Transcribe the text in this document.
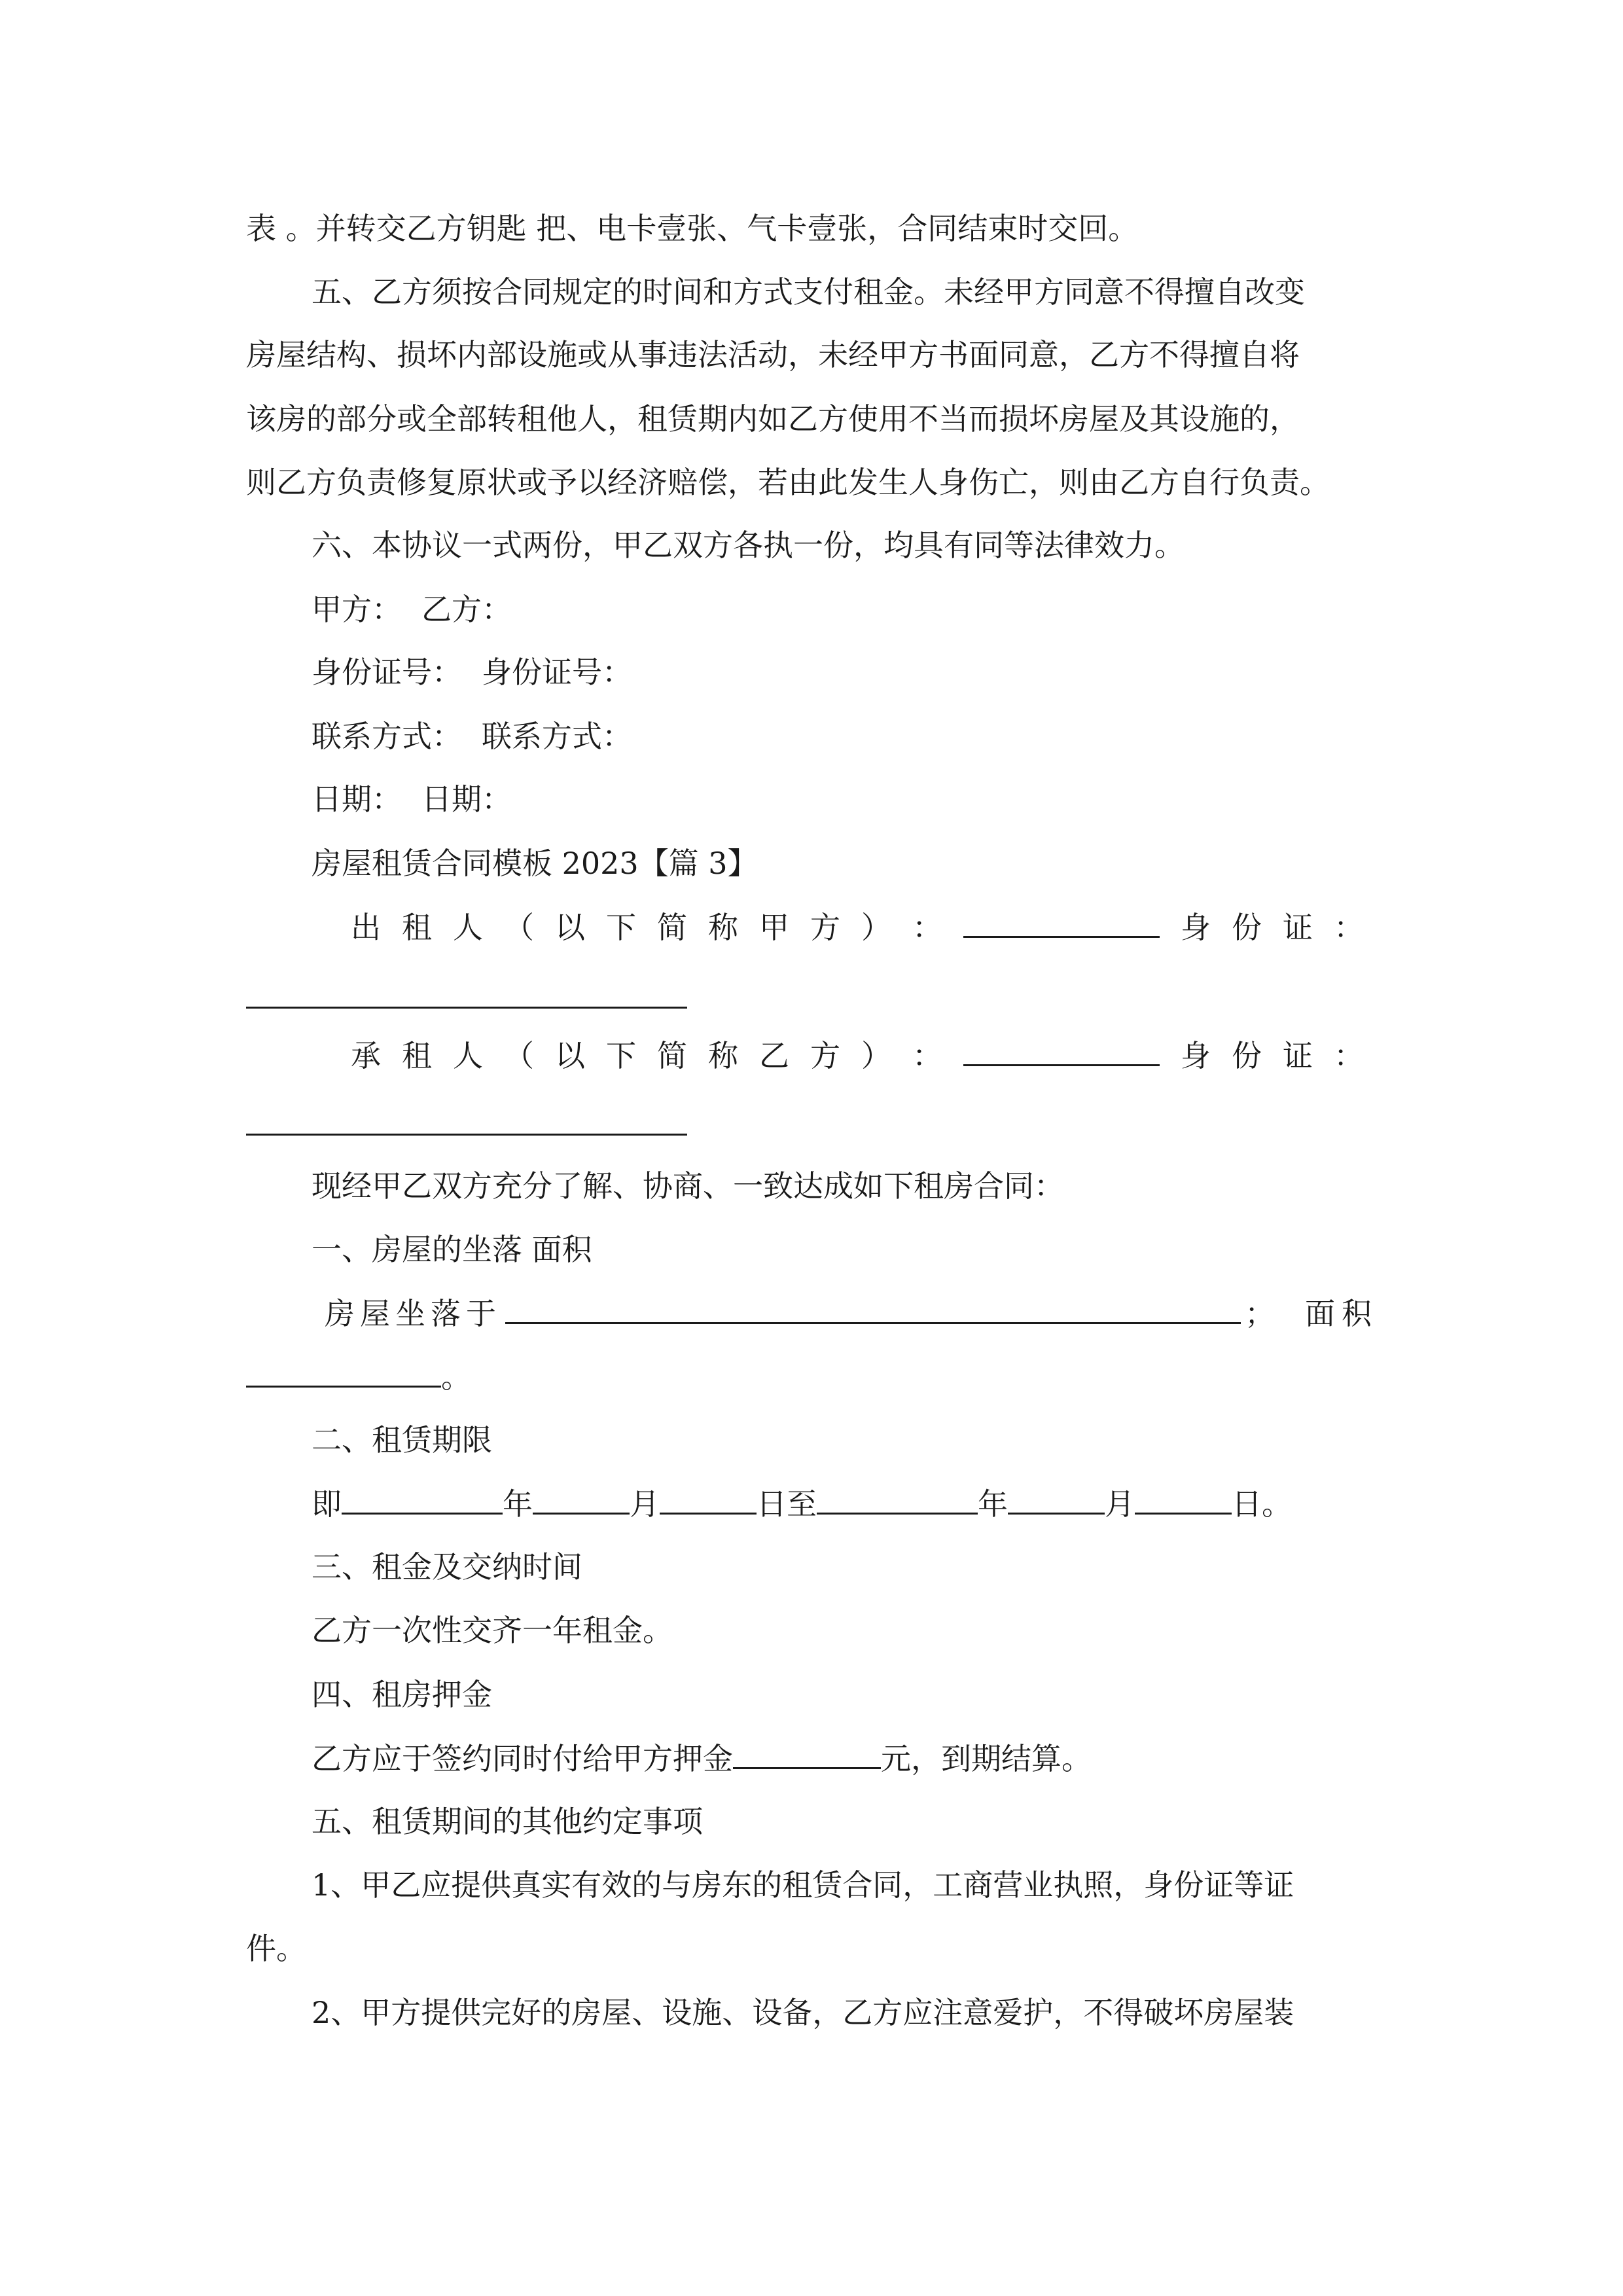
表 。并转交乙方钥匙 把、电卡壹张、气卡壹张，合同结束时交回。
五、乙方须按合同规定的时间和方式支付租金。未经甲方同意不得擅自改变
房屋结构、损坏内部设施或从事违法活动，未经甲方书面同意，乙方不得擅自将
该房的部分或全部转租他人，租赁期内如乙方使用不当而损坏房屋及其设施的，
则乙方负责修复原状或予以经济赔偿，若由此发生人身伤亡，则由乙方自行负责。
六、本协议一式两份，甲乙双方各执一份，均具有同等法律效力。
甲方： 乙方：
身份证号： 身份证号：
联系方式： 联系方式：
日期： 日期：
房屋租赁合同模板 2023【篇 3】
出 租 人 （ 以 下 简 称 甲 方 ） ：	身 份 证 ：
承 租 人 （ 以 下 简 称 乙 方 ） ：	身 份 证 ：
现经甲乙双方充分了解、协商、一致达成如下租房合同：
一、房屋的坐落 面积
房屋坐落于	； 面积
。
二、租赁期限
即	年	月	日至	年	月	日。
三、租金及交纳时间
乙方一次性交齐一年租金。
四、租房押金
乙方应于签约同时付给甲方押金	元，到期结算。
五、租赁期间的其他约定事项
1、甲乙应提供真实有效的与房东的租赁合同，工商营业执照，身份证等证
件。
2、甲方提供完好的房屋、设施、设备，乙方应注意爱护，不得破坏房屋装
